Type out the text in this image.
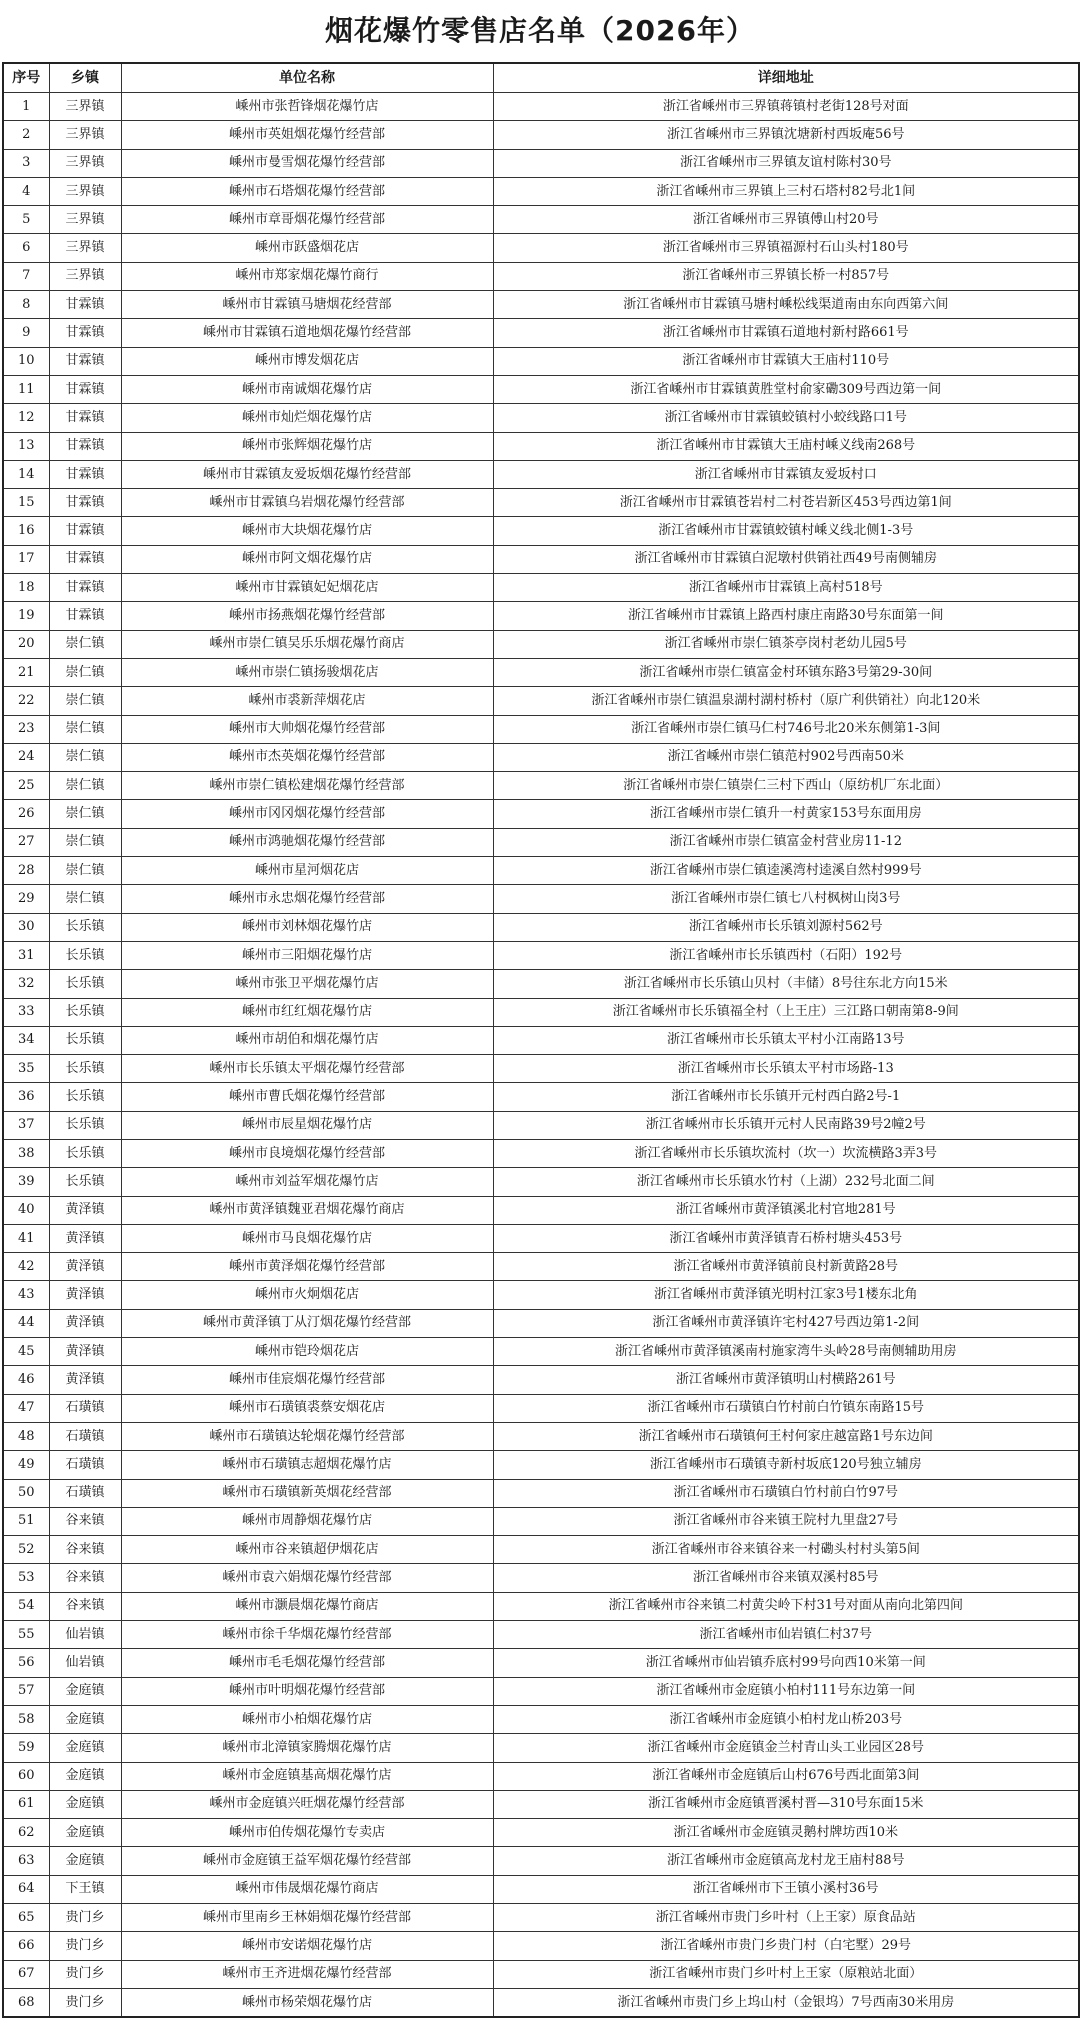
烟花爆竹零售店名单（2026年）
序号	乡镇	单位名称	详细地址
1	三界镇	嵊州市张哲锋烟花爆竹店	浙江省嵊州市三界镇蒋镇村老街128号对面
2	三界镇	嵊州市英姐烟花爆竹经营部	浙江省嵊州市三界镇沈塘新村西坂庵56号
3	三界镇	嵊州市曼雪烟花爆竹经营部	浙江省嵊州市三界镇友谊村陈村30号
4	三界镇	嵊州市石塔烟花爆竹经营部	浙江省嵊州市三界镇上三村石塔村82号北1间
5	三界镇	嵊州市章哥烟花爆竹经营部	浙江省嵊州市三界镇傅山村20号
6	三界镇	嵊州市跃盛烟花店	浙江省嵊州市三界镇福源村石山头村180号
7	三界镇	嵊州市郑家烟花爆竹商行	浙江省嵊州市三界镇长桥一村857号
8	甘霖镇	嵊州市甘霖镇马塘烟花经营部	浙江省嵊州市甘霖镇马塘村嵊松线渠道南由东向西第六间
9	甘霖镇	嵊州市甘霖镇石道地烟花爆竹经营部	浙江省嵊州市甘霖镇石道地村新村路661号
10	甘霖镇	嵊州市博发烟花店	浙江省嵊州市甘霖镇大王庙村110号
11	甘霖镇	嵊州市南诚烟花爆竹店	浙江省嵊州市甘霖镇黄胜堂村俞家磡309号西边第一间
12	甘霖镇	嵊州市灿烂烟花爆竹店	浙江省嵊州市甘霖镇蛟镇村小蛟线路口1号
13	甘霖镇	嵊州市张辉烟花爆竹店	浙江省嵊州市甘霖镇大王庙村嵊义线南268号
14	甘霖镇	嵊州市甘霖镇友爱坂烟花爆竹经营部	浙江省嵊州市甘霖镇友爱坂村口
15	甘霖镇	嵊州市甘霖镇乌岩烟花爆竹经营部	浙江省嵊州市甘霖镇苍岩村二村苍岩新区453号西边第1间
16	甘霖镇	嵊州市大块烟花爆竹店	浙江省嵊州市甘霖镇蛟镇村嵊义线北侧1-3号
17	甘霖镇	嵊州市阿文烟花爆竹店	浙江省嵊州市甘霖镇白泥墩村供销社西49号南侧辅房
18	甘霖镇	嵊州市甘霖镇妃妃烟花店	浙江省嵊州市甘霖镇上高村518号
19	甘霖镇	嵊州市扬燕烟花爆竹经营部	浙江省嵊州市甘霖镇上路西村康庄南路30号东面第一间
20	崇仁镇	嵊州市崇仁镇吴乐乐烟花爆竹商店	浙江省嵊州市崇仁镇茶亭岗村老幼儿园5号
21	崇仁镇	嵊州市崇仁镇扬骏烟花店	浙江省嵊州市崇仁镇富金村环镇东路3号第29-30间
22	崇仁镇	嵊州市裘新萍烟花店	浙江省嵊州市崇仁镇温泉湖村湖村桥村（原广利供销社）向北120米
23	崇仁镇	嵊州市大帅烟花爆竹经营部	浙江省嵊州市崇仁镇马仁村746号北20米东侧第1-3间
24	崇仁镇	嵊州市杰英烟花爆竹经营部	浙江省嵊州市崇仁镇范村902号西南50米
25	崇仁镇	嵊州市崇仁镇松建烟花爆竹经营部	浙江省嵊州市崇仁镇崇仁三村下西山（原纺机厂东北面）
26	崇仁镇	嵊州市冈冈烟花爆竹经营部	浙江省嵊州市崇仁镇升一村黄家153号东面用房
27	崇仁镇	嵊州市鸿驰烟花爆竹经营部	浙江省嵊州市崇仁镇富金村营业房11-12
28	崇仁镇	嵊州市星河烟花店	浙江省嵊州市崇仁镇逵溪湾村逵溪自然村999号
29	崇仁镇	嵊州市永忠烟花爆竹经营部	浙江省嵊州市崇仁镇七八村枫树山岗3号
30	长乐镇	嵊州市刘林烟花爆竹店	浙江省嵊州市长乐镇刘源村562号
31	长乐镇	嵊州市三阳烟花爆竹店	浙江省嵊州市长乐镇西村（石阳）192号
32	长乐镇	嵊州市张卫平烟花爆竹店	浙江省嵊州市长乐镇山贝村（丰储）8号往东北方向15米
33	长乐镇	嵊州市红红烟花爆竹店	浙江省嵊州市长乐镇福全村（上王庄）三江路口朝南第8-9间
34	长乐镇	嵊州市胡伯和烟花爆竹店	浙江省嵊州市长乐镇太平村小江南路13号
35	长乐镇	嵊州市长乐镇太平烟花爆竹经营部	浙江省嵊州市长乐镇太平村市场路-13
36	长乐镇	嵊州市曹氏烟花爆竹经营部	浙江省嵊州市长乐镇开元村西白路2号-1
37	长乐镇	嵊州市辰星烟花爆竹店	浙江省嵊州市长乐镇开元村人民南路39号2幢2号
38	长乐镇	嵊州市良境烟花爆竹经营部	浙江省嵊州市长乐镇坎流村（坎一）坎流横路3弄3号
39	长乐镇	嵊州市刘益军烟花爆竹店	浙江省嵊州市长乐镇水竹村（上湖）232号北面二间
40	黄泽镇	嵊州市黄泽镇魏亚君烟花爆竹商店	浙江省嵊州市黄泽镇溪北村官地281号
41	黄泽镇	嵊州市马良烟花爆竹店	浙江省嵊州市黄泽镇青石桥村塘头453号
42	黄泽镇	嵊州市黄泽烟花爆竹经营部	浙江省嵊州市黄泽镇前良村新黄路28号
43	黄泽镇	嵊州市火炯烟花店	浙江省嵊州市黄泽镇光明村江家3号1楼东北角
44	黄泽镇	嵊州市黄泽镇丁从汀烟花爆竹经营部	浙江省嵊州市黄泽镇许宅村427号西边第1-2间
45	黄泽镇	嵊州市铠玲烟花店	浙江省嵊州市黄泽镇溪南村施家湾牛头岭28号南侧辅助用房
46	黄泽镇	嵊州市佳宸烟花爆竹经营部	浙江省嵊州市黄泽镇明山村横路261号
47	石璜镇	嵊州市石璜镇裘蔡安烟花店	浙江省嵊州市石璜镇白竹村前白竹镇东南路15号
48	石璜镇	嵊州市石璜镇达轮烟花爆竹经营部	浙江省嵊州市石璜镇何王村何家庄越富路1号东边间
49	石璜镇	嵊州市石璜镇志超烟花爆竹店	浙江省嵊州市石璜镇寺新村坂底120号独立辅房
50	石璜镇	嵊州市石璜镇新英烟花经营部	浙江省嵊州市石璜镇白竹村前白竹97号
51	谷来镇	嵊州市周静烟花爆竹店	浙江省嵊州市谷来镇王院村九里盘27号
52	谷来镇	嵊州市谷来镇超伊烟花店	浙江省嵊州市谷来镇谷来一村磡头村村头第5间
53	谷来镇	嵊州市袁六娟烟花爆竹经营部	浙江省嵊州市谷来镇双溪村85号
54	谷来镇	嵊州市灏晨烟花爆竹商店	浙江省嵊州市谷来镇二村黄尖岭下村31号对面从南向北第四间
55	仙岩镇	嵊州市徐千华烟花爆竹经营部	浙江省嵊州市仙岩镇仁村37号
56	仙岩镇	嵊州市毛毛烟花爆竹经营部	浙江省嵊州市仙岩镇乔底村99号向西10米第一间
57	金庭镇	嵊州市叶明烟花爆竹经营部	浙江省嵊州市金庭镇小柏村111号东边第一间
58	金庭镇	嵊州市小柏烟花爆竹店	浙江省嵊州市金庭镇小柏村龙山桥203号
59	金庭镇	嵊州市北漳镇家腾烟花爆竹店	浙江省嵊州市金庭镇金兰村青山头工业园区28号
60	金庭镇	嵊州市金庭镇基高烟花爆竹店	浙江省嵊州市金庭镇后山村676号西北面第3间
61	金庭镇	嵊州市金庭镇兴旺烟花爆竹经营部	浙江省嵊州市金庭镇晋溪村晋—310号东面15米
62	金庭镇	嵊州市伯传烟花爆竹专卖店	浙江省嵊州市金庭镇灵鹅村牌坊西10米
63	金庭镇	嵊州市金庭镇王益军烟花爆竹经营部	浙江省嵊州市金庭镇高龙村龙王庙村88号
64	下王镇	嵊州市伟晟烟花爆竹商店	浙江省嵊州市下王镇小溪村36号
65	贵门乡	嵊州市里南乡王林娟烟花爆竹经营部	浙江省嵊州市贵门乡叶村（上王家）原食品站
66	贵门乡	嵊州市安诺烟花爆竹店	浙江省嵊州市贵门乡贵门村（白宅墅）29号
67	贵门乡	嵊州市王齐进烟花爆竹经营部	浙江省嵊州市贵门乡叶村上王家（原粮站北面）
68	贵门乡	嵊州市杨荣烟花爆竹店	浙江省嵊州市贵门乡上坞山村（金银坞）7号西南30米用房
